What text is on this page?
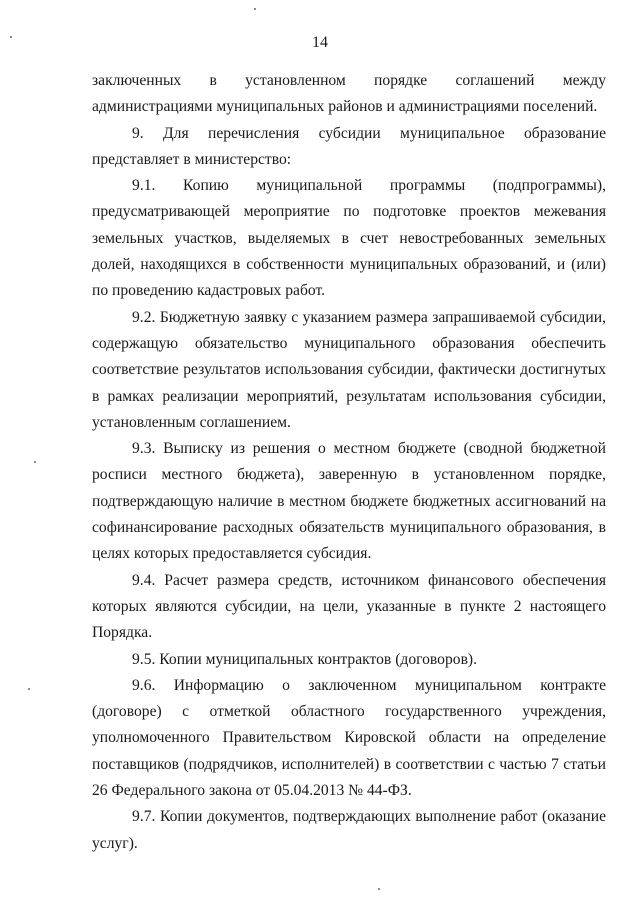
14

заключенных в установленном порядке соглашений между администрациями муниципальных районов и администрациями поселений.

9. Для перечисления субсидии муниципальное образование представляет в министерство:

9.1. Копию муниципальной программы (подпрограммы), предусматривающей мероприятие по подготовке проектов межевания земельных участков, выделяемых в счет невостребованных земельных долей, находящихся в собственности муниципальных образований, и (или) по проведению кадастровых работ.

9.2. Бюджетную заявку с указанием размера запрашиваемой субсидии, содержащую обязательство муниципального образования обеспечить соответствие результатов использования субсидии, фактически достигнутых в рамках реализации мероприятий, результатам использования субсидии, установленным соглашением.

9.3. Выписку из решения о местном бюджете (сводной бюджетной росписи местного бюджета), заверенную в установленном порядке, подтверждающую наличие в местном бюджете бюджетных ассигнований на софинансирование расходных обязательств муниципального образования, в целях которых предоставляется субсидия.

9.4. Расчет размера средств, источником финансового обеспечения которых являются субсидии, на цели, указанные в пункте 2 настоящего Порядка.

9.5. Копии муниципальных контрактов (договоров).

9.6. Информацию о заключенном муниципальном контракте (договоре) с отметкой областного государственного учреждения, уполномоченного Правительством Кировской области на определение поставщиков (подрядчиков, исполнителей) в соответствии с частью 7 статьи 26 Федерального закона от 05.04.2013 № 44-ФЗ.

9.7. Копии документов, подтверждающих выполнение работ (оказание услуг).
